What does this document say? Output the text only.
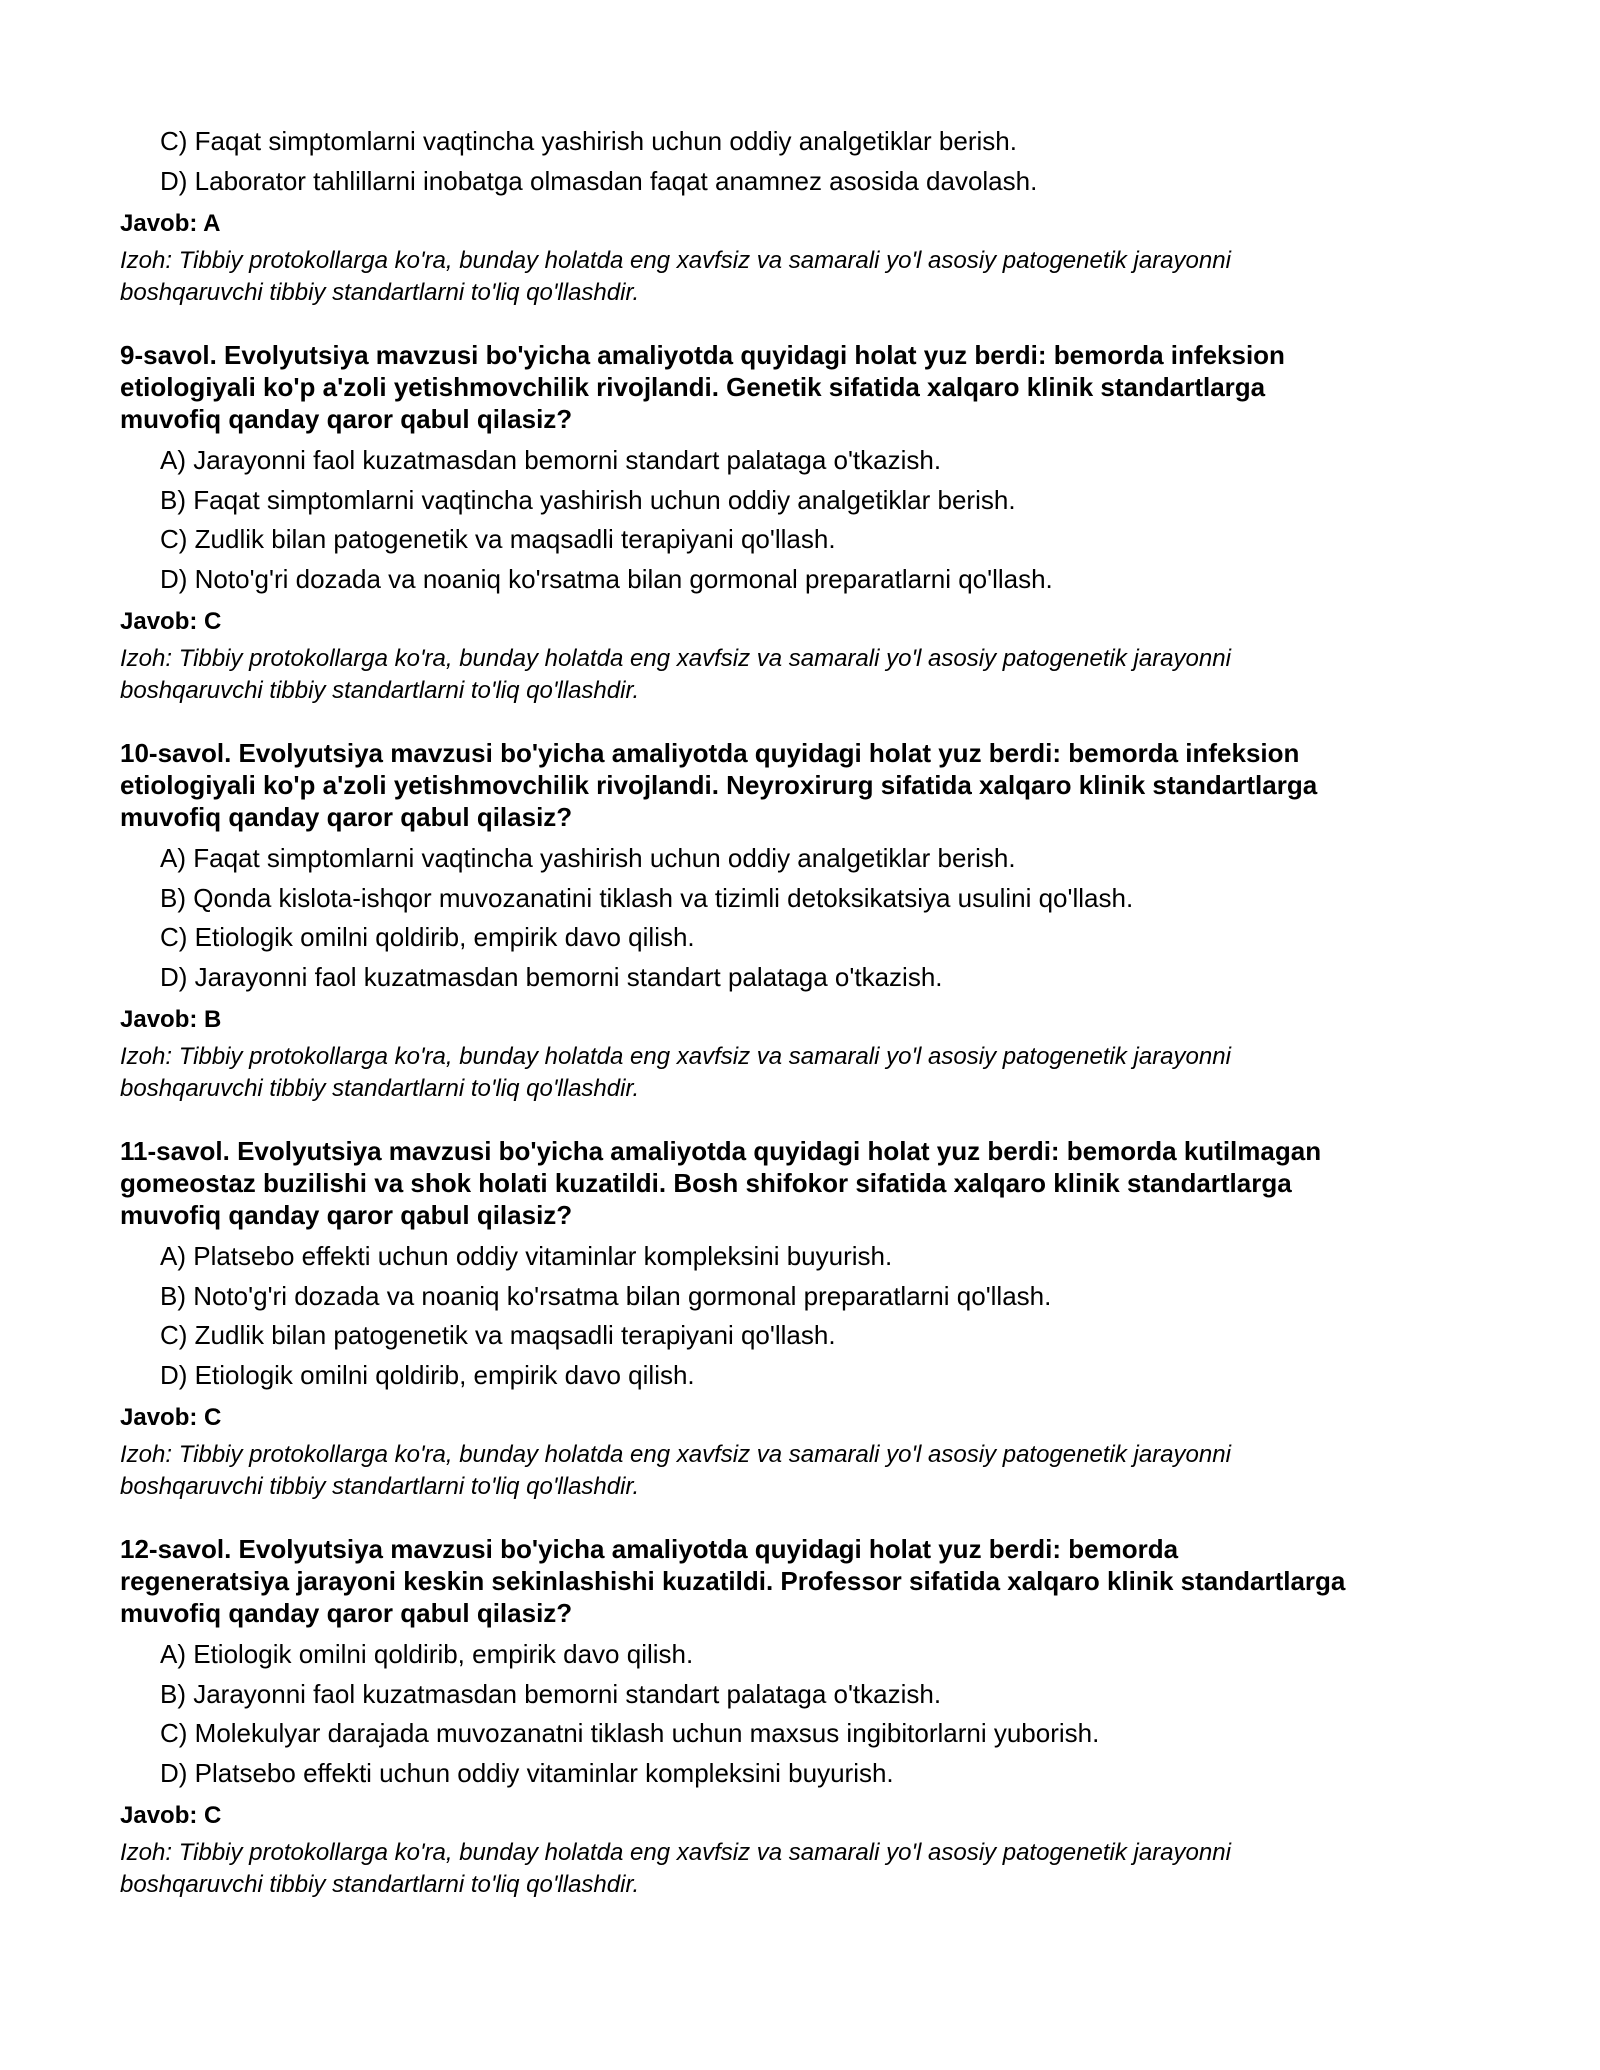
C) Faqat simptomlarni vaqtincha yashirish uchun oddiy analgetiklar berish.
D) Laborator tahlillarni inobatga olmasdan faqat anamnez asosida davolash.
Javob: A
Izoh: Tibbiy protokollarga ko'ra, bunday holatda eng xavfsiz va samarali yo'l asosiy patogenetik jarayonni
boshqaruvchi tibbiy standartlarni to'liq qo'llashdir.
9-savol. Evolyutsiya mavzusi bo'yicha amaliyotda quyidagi holat yuz berdi: bemorda infeksion
etiologiyali ko'p a'zoli yetishmovchilik rivojlandi. Genetik sifatida xalqaro klinik standartlarga
muvofiq qanday qaror qabul qilasiz?
A) Jarayonni faol kuzatmasdan bemorni standart palataga o'tkazish.
B) Faqat simptomlarni vaqtincha yashirish uchun oddiy analgetiklar berish.
C) Zudlik bilan patogenetik va maqsadli terapiyani qo'llash.
D) Noto'g'ri dozada va noaniq ko'rsatma bilan gormonal preparatlarni qo'llash.
Javob: C
Izoh: Tibbiy protokollarga ko'ra, bunday holatda eng xavfsiz va samarali yo'l asosiy patogenetik jarayonni
boshqaruvchi tibbiy standartlarni to'liq qo'llashdir.
10-savol. Evolyutsiya mavzusi bo'yicha amaliyotda quyidagi holat yuz berdi: bemorda infeksion
etiologiyali ko'p a'zoli yetishmovchilik rivojlandi. Neyroxirurg sifatida xalqaro klinik standartlarga
muvofiq qanday qaror qabul qilasiz?
A) Faqat simptomlarni vaqtincha yashirish uchun oddiy analgetiklar berish.
B) Qonda kislota-ishqor muvozanatini tiklash va tizimli detoksikatsiya usulini qo'llash.
C) Etiologik omilni qoldirib, empirik davo qilish.
D) Jarayonni faol kuzatmasdan bemorni standart palataga o'tkazish.
Javob: B
Izoh: Tibbiy protokollarga ko'ra, bunday holatda eng xavfsiz va samarali yo'l asosiy patogenetik jarayonni
boshqaruvchi tibbiy standartlarni to'liq qo'llashdir.
11-savol. Evolyutsiya mavzusi bo'yicha amaliyotda quyidagi holat yuz berdi: bemorda kutilmagan
gomeostaz buzilishi va shok holati kuzatildi. Bosh shifokor sifatida xalqaro klinik standartlarga
muvofiq qanday qaror qabul qilasiz?
A) Platsebo effekti uchun oddiy vitaminlar kompleksini buyurish.
B) Noto'g'ri dozada va noaniq ko'rsatma bilan gormonal preparatlarni qo'llash.
C) Zudlik bilan patogenetik va maqsadli terapiyani qo'llash.
D) Etiologik omilni qoldirib, empirik davo qilish.
Javob: C
Izoh: Tibbiy protokollarga ko'ra, bunday holatda eng xavfsiz va samarali yo'l asosiy patogenetik jarayonni
boshqaruvchi tibbiy standartlarni to'liq qo'llashdir.
12-savol. Evolyutsiya mavzusi bo'yicha amaliyotda quyidagi holat yuz berdi: bemorda
regeneratsiya jarayoni keskin sekinlashishi kuzatildi. Professor sifatida xalqaro klinik standartlarga
muvofiq qanday qaror qabul qilasiz?
A) Etiologik omilni qoldirib, empirik davo qilish.
B) Jarayonni faol kuzatmasdan bemorni standart palataga o'tkazish.
C) Molekulyar darajada muvozanatni tiklash uchun maxsus ingibitorlarni yuborish.
D) Platsebo effekti uchun oddiy vitaminlar kompleksini buyurish.
Javob: C
Izoh: Tibbiy protokollarga ko'ra, bunday holatda eng xavfsiz va samarali yo'l asosiy patogenetik jarayonni
boshqaruvchi tibbiy standartlarni to'liq qo'llashdir.
